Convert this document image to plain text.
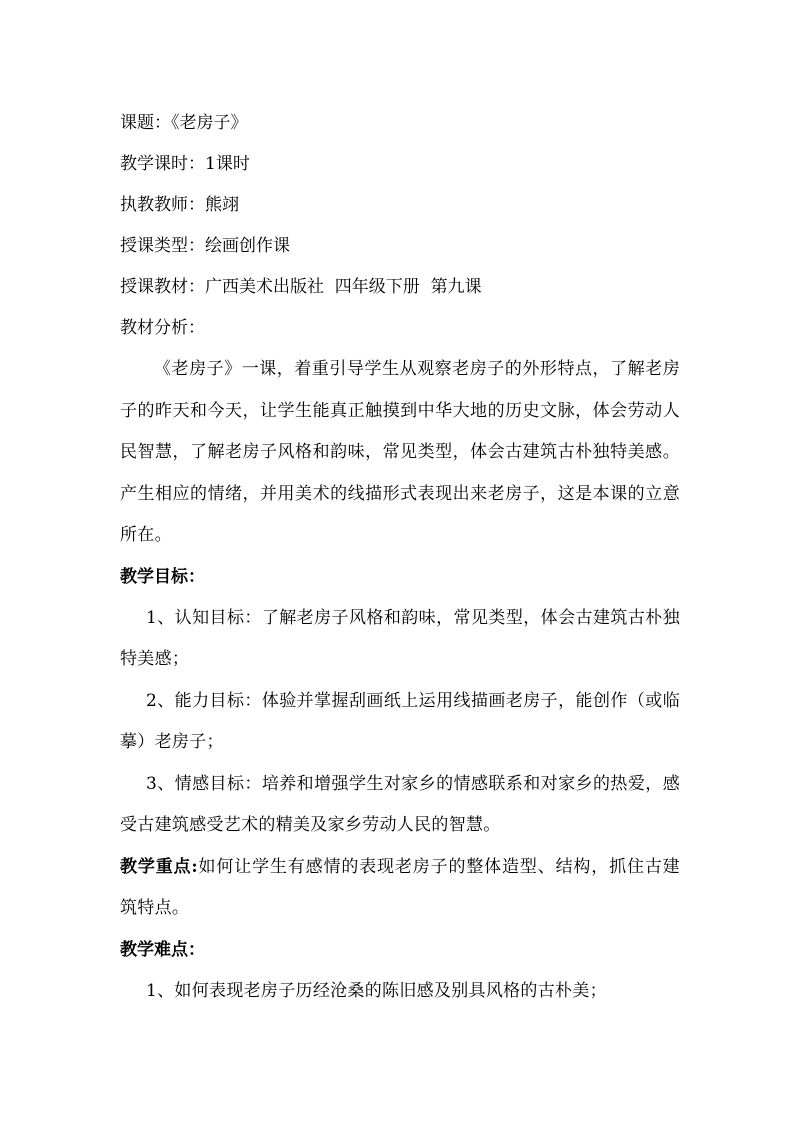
课题：《老房子》
教学课时：1课时
执教教师：熊翊
授课类型：绘画创作课
授课教材：广西美术出版社  四年级下册  第九课
教材分析：
《老房子》一课，着重引导学生从观察老房子的外形特点，了解老房子的昨天和今天，让学生能真正触摸到中华大地的历史文脉，体会劳动人民智慧，了解老房子风格和韵味，常见类型，体会古建筑古朴独特美感。产生相应的情绪，并用美术的线描形式表现出来老房子，这是本课的立意所在。
教学目标：
1、认知目标：了解老房子风格和韵味，常见类型，体会古建筑古朴独特美感；
2、能力目标：体验并掌握刮画纸上运用线描画老房子，能创作（或临摹）老房子；
3、情感目标：培养和增强学生对家乡的情感联系和对家乡的热爱，感受古建筑感受艺术的精美及家乡劳动人民的智慧。
教学重点:如何让学生有感情的表现老房子的整体造型、结构，抓住古建筑特点。
教学难点：
1、如何表现老房子历经沧桑的陈旧感及别具风格的古朴美；
